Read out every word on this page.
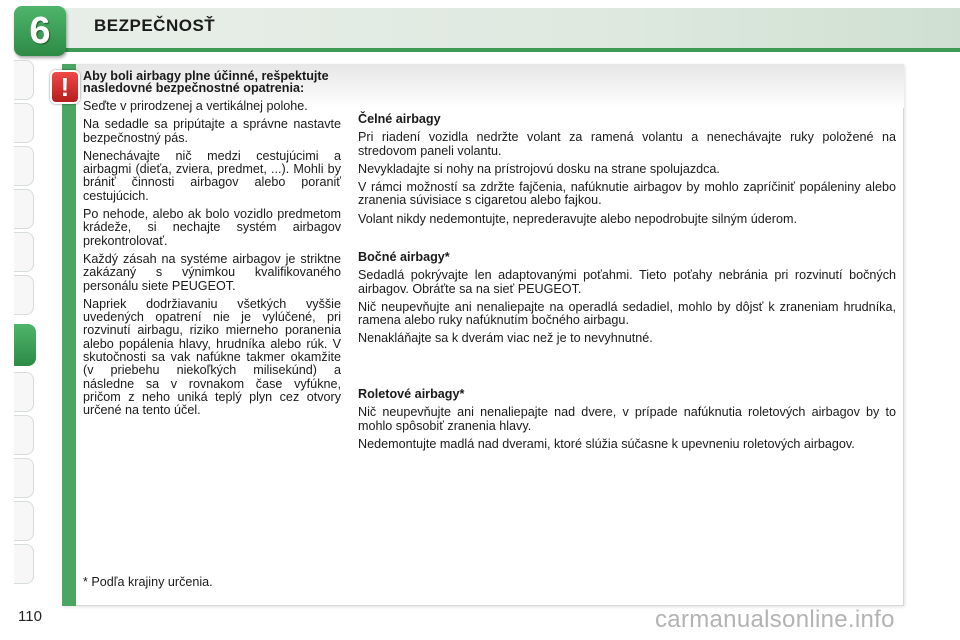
6	BEZPEČNOSŤ
!	Aby boli airbagy plne účinné, rešpektujte nasledovné bezpečnostné opatrenia:

Seďte v prirodzenej a vertikálnej polohe.

Na sedadle sa pripútajte a správne nastavte bezpečnostný pás.

Nenechávajte nič medzi cestujúcimi a airbagmi (dieťa, zviera, predmet, ...). Mohli by brániť činnosti airbagov alebo poraniť cestujúcich.

Po nehode, alebo ak bolo vozidlo predmetom krádeže, si nechajte systém airbagov prekontrolovať.

Každý zásah na systéme airbagov je striktne zakázaný s výnimkou kvalifikovaného personálu siete PEUGEOT.

Napriek dodržiavaniu všetkých vyššie uvedených opatrení nie je vylúčené, pri rozvinutí airbagu, riziko mierneho poranenia alebo popálenia hlavy, hrudníka alebo rúk. V skutočnosti sa vak nafúkne takmer okamžite (v priebehu niekoľkých milisekúnd) a následne sa v rovnakom čase vyfúkne, pričom z neho uniká teplý plyn cez otvory určené na tento účel.

* Podľa krajiny určenia.
Čelné airbagy

Pri riadení vozidla nedržte volant za ramená volantu a nenechávajte ruky položené na stredovom paneli volantu.

Nevykladajte si nohy na prístrojovú dosku na strane spolujazdca.

V rámci možností sa zdržte fajčenia, nafúknutie airbagov by mohlo zapríčiniť popáleniny alebo zranenia súvisiace s cigaretou alebo fajkou.

Volant nikdy nedemontujte, neprederavujte alebo nepodrobujte silným úderom.

Bočné airbagy*

Sedadlá pokrývajte len adaptovanými poťahmi. Tieto poťahy nebránia pri rozvinutí bočných airbagov. Obráťte sa na sieť PEUGEOT.

Nič neupevňujte ani nenaliepajte na operadlá sedadiel, mohlo by dôjsť k zraneniam hrudníka, ramena alebo ruky nafúknutím bočného airbagu.

Nenakláňajte sa k dverám viac než je to nevyhnutné.

Roletové airbagy*

Nič neupevňujte ani nenaliepajte nad dvere, v prípade nafúknutia roletových airbagov by to mohlo spôsobiť zranenia hlavy.

Nedemontujte madlá nad dverami, ktoré slúžia súčasne k upevneniu roletových airbagov.

110	carmanualsonline.info
